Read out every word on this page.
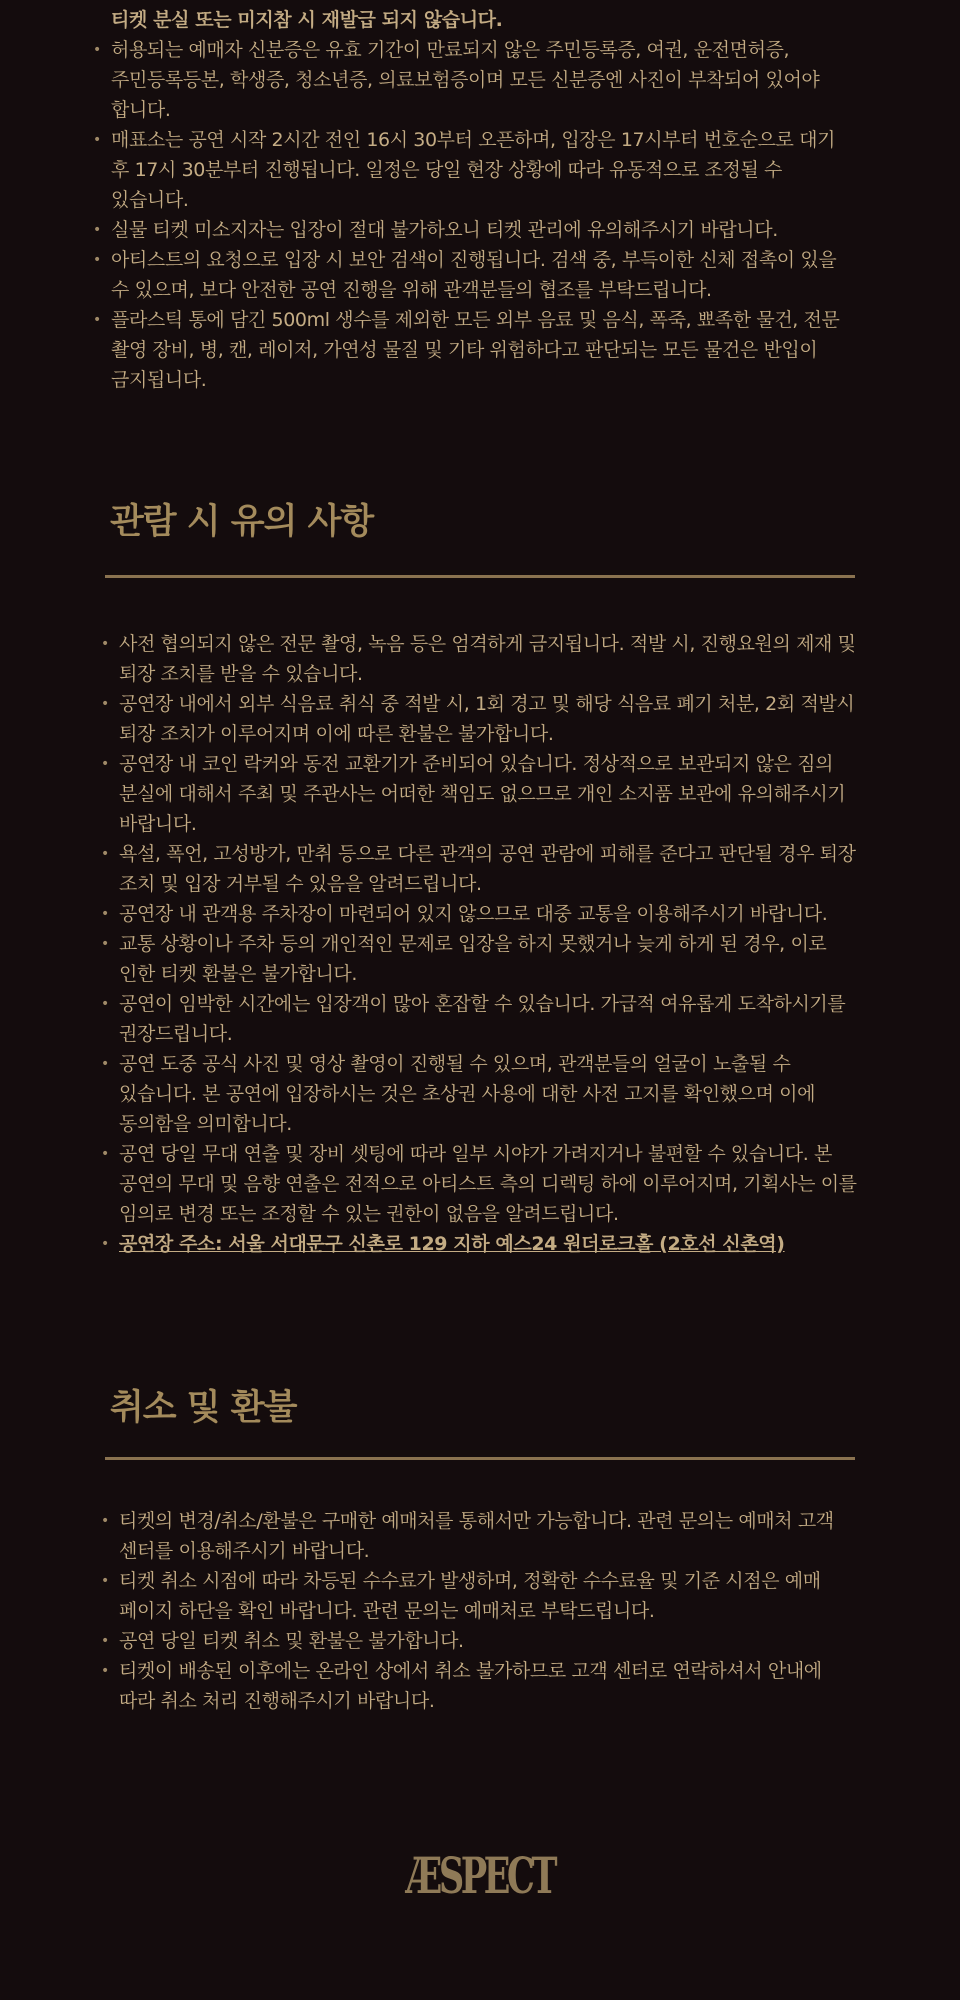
티켓 분실 또는 미지참 시 재발급 되지 않습니다.

• 허용되는 예매자 신분증은 유효 기간이 만료되지 않은 주민등록증, 여권, 운전면허증, 주민등록등본, 학생증, 청소년증, 의료보험증이며 모든 신분증엔 사진이 부착되어 있어야 합니다.
• 매표소는 공연 시작 2시간 전인 16시 30부터 오픈하며, 입장은 17시부터 번호순으로 대기 후 17시 30분부터 진행됩니다. 일정은 당일 현장 상황에 따라 유동적으로 조정될 수 있습니다.
• 실물 티켓 미소지자는 입장이 절대 불가하오니 티켓 관리에 유의해주시기 바랍니다.
• 아티스트의 요청으로 입장 시 보안 검색이 진행됩니다. 검색 중, 부득이한 신체 접촉이 있을 수 있으며, 보다 안전한 공연 진행을 위해 관객분들의 협조를 부탁드립니다.
• 플라스틱 통에 담긴 500ml 생수를 제외한 모든 외부 음료 및 음식, 폭죽, 뾰족한 물건, 전문 촬영 장비, 병, 캔, 레이저, 가연성 물질 및 기타 위험하다고 판단되는 모든 물건은 반입이 금지됩니다.
관람 시 유의 사항
• 사전 협의되지 않은 전문 촬영, 녹음 등은 엄격하게 금지됩니다. 적발 시, 진행요원의 제재 및 퇴장 조치를 받을 수 있습니다.
• 공연장 내에서 외부 식음료 취식 중 적발 시, 1회 경고 및 해당 식음료 폐기 처분, 2회 적발시 퇴장 조치가 이루어지며 이에 따른 환불은 불가합니다.
• 공연장 내 코인 락커와 동전 교환기가 준비되어 있습니다. 정상적으로 보관되지 않은 짐의 분실에 대해서 주최 및 주관사는 어떠한 책임도 없으므로 개인 소지품 보관에 유의해주시기 바랍니다.
• 욕설, 폭언, 고성방가, 만취 등으로 다른 관객의 공연 관람에 피해를 준다고 판단될 경우 퇴장 조치 및 입장 거부될 수 있음을 알려드립니다.
• 공연장 내 관객용 주차장이 마련되어 있지 않으므로 대중 교통을 이용해주시기 바랍니다.
• 교통 상황이나 주차 등의 개인적인 문제로 입장을 하지 못했거나 늦게 하게 된 경우, 이로 인한 티켓 환불은 불가합니다.
• 공연이 임박한 시간에는 입장객이 많아 혼잡할 수 있습니다. 가급적 여유롭게 도착하시기를 권장드립니다.
• 공연 도중 공식 사진 및 영상 촬영이 진행될 수 있으며, 관객분들의 얼굴이 노출될 수 있습니다. 본 공연에 입장하시는 것은 초상권 사용에 대한 사전 고지를 확인했으며 이에 동의함을 의미합니다.
• 공연 당일 무대 연출 및 장비 셋팅에 따라 일부 시야가 가려지거나 불편할 수 있습니다. 본 공연의 무대 및 음향 연출은 전적으로 아티스트 측의 디렉팅 하에 이루어지며, 기획사는 이를 임의로 변경 또는 조정할 수 있는 권한이 없음을 알려드립니다.
• 공연장 주소: 서울 서대문구 신촌로 129 지하 예스24 원더로크홀 (2호선 신촌역)
취소 및 환불
• 티켓의 변경/취소/환불은 구매한 예매처를 통해서만 가능합니다. 관련 문의는 예매처 고객 센터를 이용해주시기 바랍니다.
• 티켓 취소 시점에 따라 차등된 수수료가 발생하며, 정확한 수수료율 및 기준 시점은 예매 페이지 하단을 확인 바랍니다. 관련 문의는 예매처로 부탁드립니다.
• 공연 당일 티켓 취소 및 환불은 불가합니다.
• 티켓이 배송된 이후에는 온라인 상에서 취소 불가하므로 고객 센터로 연락하셔서 안내에 따라 취소 처리 진행해주시기 바랍니다.
ÆSPECT
